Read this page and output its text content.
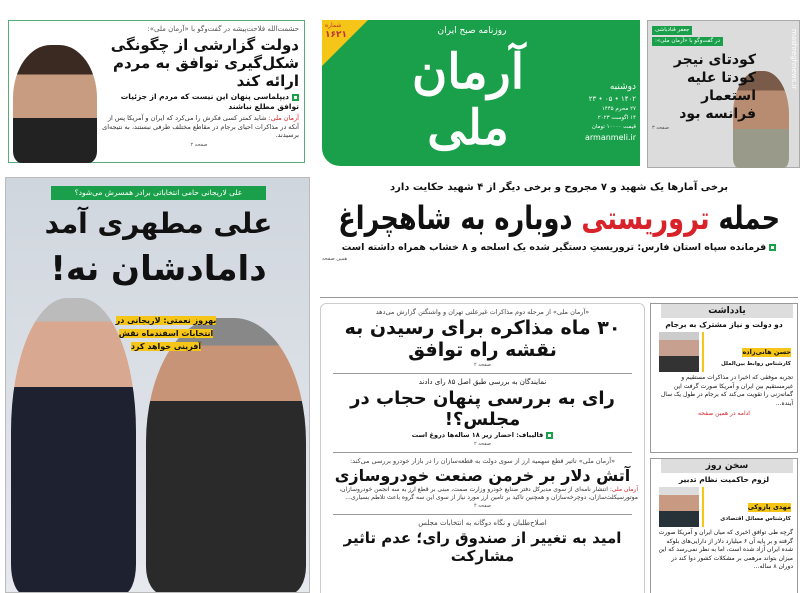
حشمت‌الله فلاحت‌پیشه در گفت‌وگو با «آرمان ملی»:
دولت گزارشی از چگونگی شکل‌گیری توافق به مردم ارائه کند
دیپلماسی پنهان این نیست که مردم از جزئیات توافق مطلع نباشند
آرمان ملی: شاید کمتر کسی فکرش را می‌کرد که ایران و آمریکا پس از آنکه در مذاکرات احیای برجام در مقاطع مختلف طرفی نبستند، به نتیجه‌ای برسیدند.
صفحه ۲
شماره
۱۶۲۱	روزنامه صبح ایران
آرمان ملی
دوشنبه
۱۴۰۲ • ۰۵ • ۲۳
۲۷ محرم ۱۴۴۵
۱۴ اگوست ۲۰۲۳
قیمت ۱۰۰۰۰ تومان
armanmeli.ir
جعفر قنادباشی
در گفت‌وگو با «آرمان ملی»:
کودتای نیجر کودتا علیه استعمار فرانسه بود
صفحه ۳
mashreghnews.ir
علی لاریجانی حامی انتخاباتی برادر همسرش می‌شود؟
علی مطهری آمد
دامادشان نه!
بهروز نعمتی: لاریجانی در انتخابات اسفندماه نقش آفرینی خواهد کرد
برخی آمارها یک شهید و ۷ مجروح و برخی دیگر از ۴ شهید حکایت دارد
حمله تروریستی دوباره به شاهچراغ
فرمانده سپاه استان فارس: تروریستِ دستگیر شده یک اسلحه و ۸ خشاب همراه داشته است
همین صفحه
«آرمان ملی» از مرحله دوم مذاکرات غیرعلنی تهران و واشنگتن گزارش می‌دهد
۳۰ ماه مذاکره برای رسیدن به نقشه راه توافق
صفحه ۲
نمایندگان به بررسی طبق اصل ۸۵ رای دادند
رای به بررسی پنهان حجاب در مجلس؟!
قالیباف: احضار زیر ۱۸ ساله‌ها دروغ است
صفحه ۲
«آرمان ملی» تاثیر قطع سهمیه ارز از سوی دولت به قطعه‌سازان را در بازار خودرو بررسی می‌کند:
آتش دلار بر خرمن صنعت خودروسازی
آرمان ملی: انتشار نامه‌ای از سوی مدیرکل دفتر صنایع خودرو وزارت صمت، مبنی بر قطع ارز به سه انجمن خودروسازان، موتورسیکلت‌سازان، دوچرخه‌سازان و همچنین تاکید بر تامین ارز مورد نیاز از سوی این سه گروه باعث تلاطم بسیاری...
صفحه ۴
اصلاح‌طلبان و نگاه دوگانه به انتخابات مجلس
امید به تغییر از صندوق رای؛ عدم تاثیر مشارکت
یادداشت
دو دولت و نیاز مشترک به برجام
حسن هانی‌زاده
کارشناس روابط بین‌الملل
تجربه موفقی که اخیرا در مذاکرات مستقیم و غیرمستقیم بین ایران و آمریکا صورت گرفت این گمانه‌زنی را تقویت می‌کند که برجام در طول یک سال آینده...
ادامه در همین صفحه
سخن روز
لزوم حاکمیت نظام تدبیر
مهدی پازوکی
کارشناس مسائل اقتصادی
گرچه طی توافق اخیری که میان ایران و آمریکا صورت گرفته و بر پایه آن ۶ میلیارد دلار از دارایی‌های بلوکه شده ایران آزاد شده است، اما به نظر نمی‌رسد که این میزان بتواند مرهمی بر مشکلات کشور دوا کند در دوران ۸ ساله...
